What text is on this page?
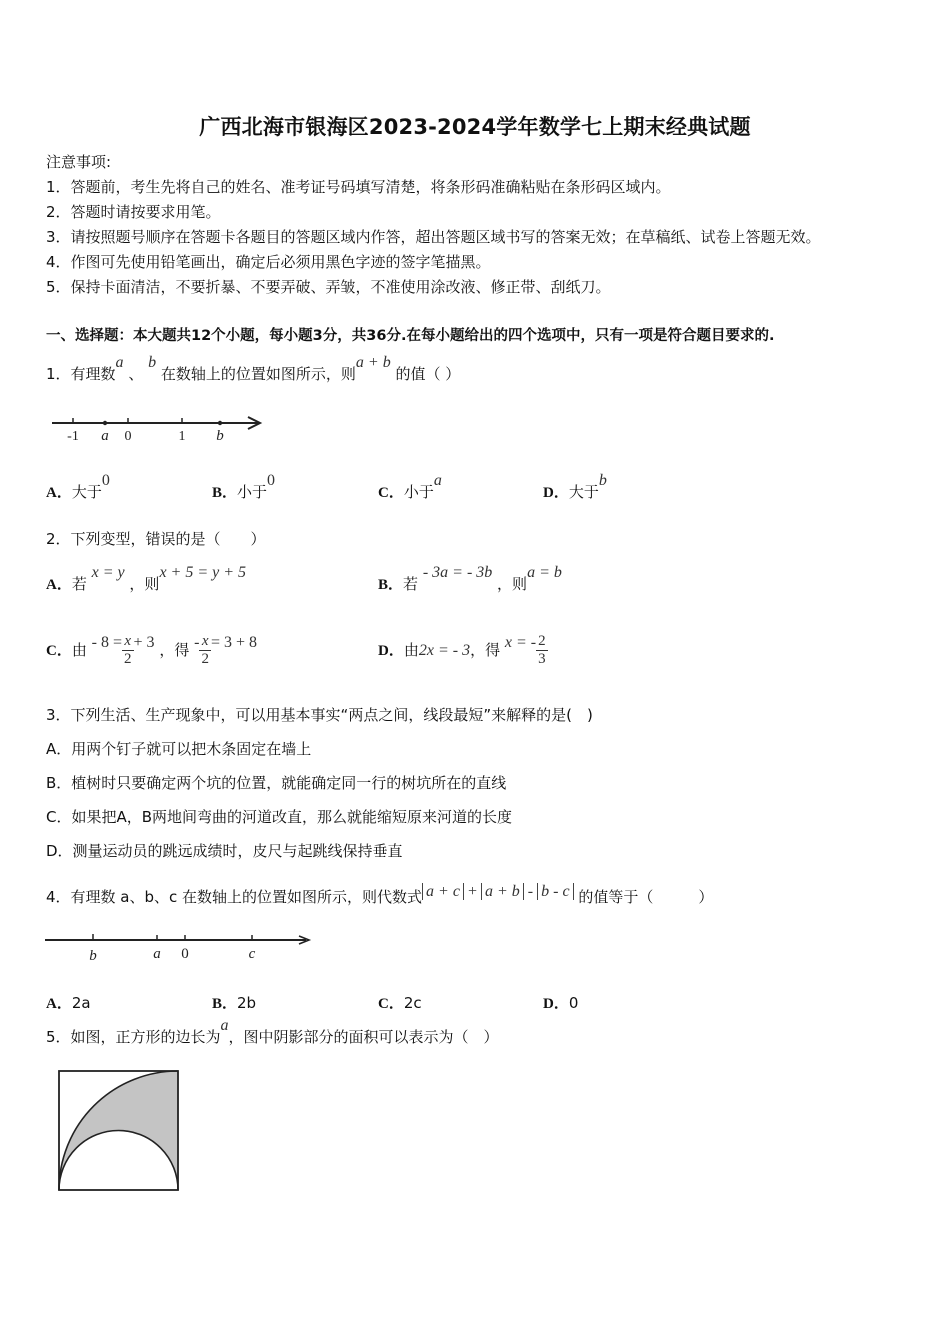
广西北海市银海区2023-2024学年数学七上期末经典试题
注意事项:
1．答题前，考生先将自己的姓名、准考证号码填写清楚，将条形码准确粘贴在条形码区域内。
2．答题时请按要求用笔。
3．请按照题号顺序在答题卡各题目的答题区域内作答，超出答题区域书写的答案无效；在草稿纸、试卷上答题无效。
4．作图可先使用铅笔画出，确定后必须用黑色字迹的签字笔描黑。
5．保持卡面清洁，不要折暴、不要弄破、弄皱，不准使用涂改液、修正带、刮纸刀。
一、选择题：本大题共12个小题，每小题3分，共36分.在每小题给出的四个选项中，只有一项是符合题目要求的.
1．有理数a 、 b 在数轴上的位置如图所示，则a + b 的值（ ）
-1 a 0	1 b
A．大于0
B．小于0
C．小于a
D．大于b
2．下列变型，错误的是（　　）
A．若 x = y ，则x + 5 = y + 5
B．若 - 3a = - 3b ，则a = b
C．由 - $8 = \frac{x}{2} + 3$ ，得 - $\frac{x}{2} = 3 + 8$	D．由2x = - 3，得 x = - $\frac{2}{3}$
3．下列生活、生产现象中，可以用基本事实“两点之间，线段最短”来解释的是(　)
A．用两个钉子就可以把木条固定在墙上
B．植树时只要确定两个坑的位置，就能确定同一行的树坑所在的直线
C．如果把A，B两地间弯曲的河道改直，那么就能缩短原来河道的长度
D．测量运动员的跳远成绩时，皮尺与起跳线保持垂直
4．有理数 a、b、c 在数轴上的位置如图所示，则代数式 a + c + a + b - b - c 的值等于（　　　）
b	a 0	c
A．2a	B．2b	C．2c	D．0
5．如图，正方形的边长为a，图中阴影部分的面积可以表示为（　）
